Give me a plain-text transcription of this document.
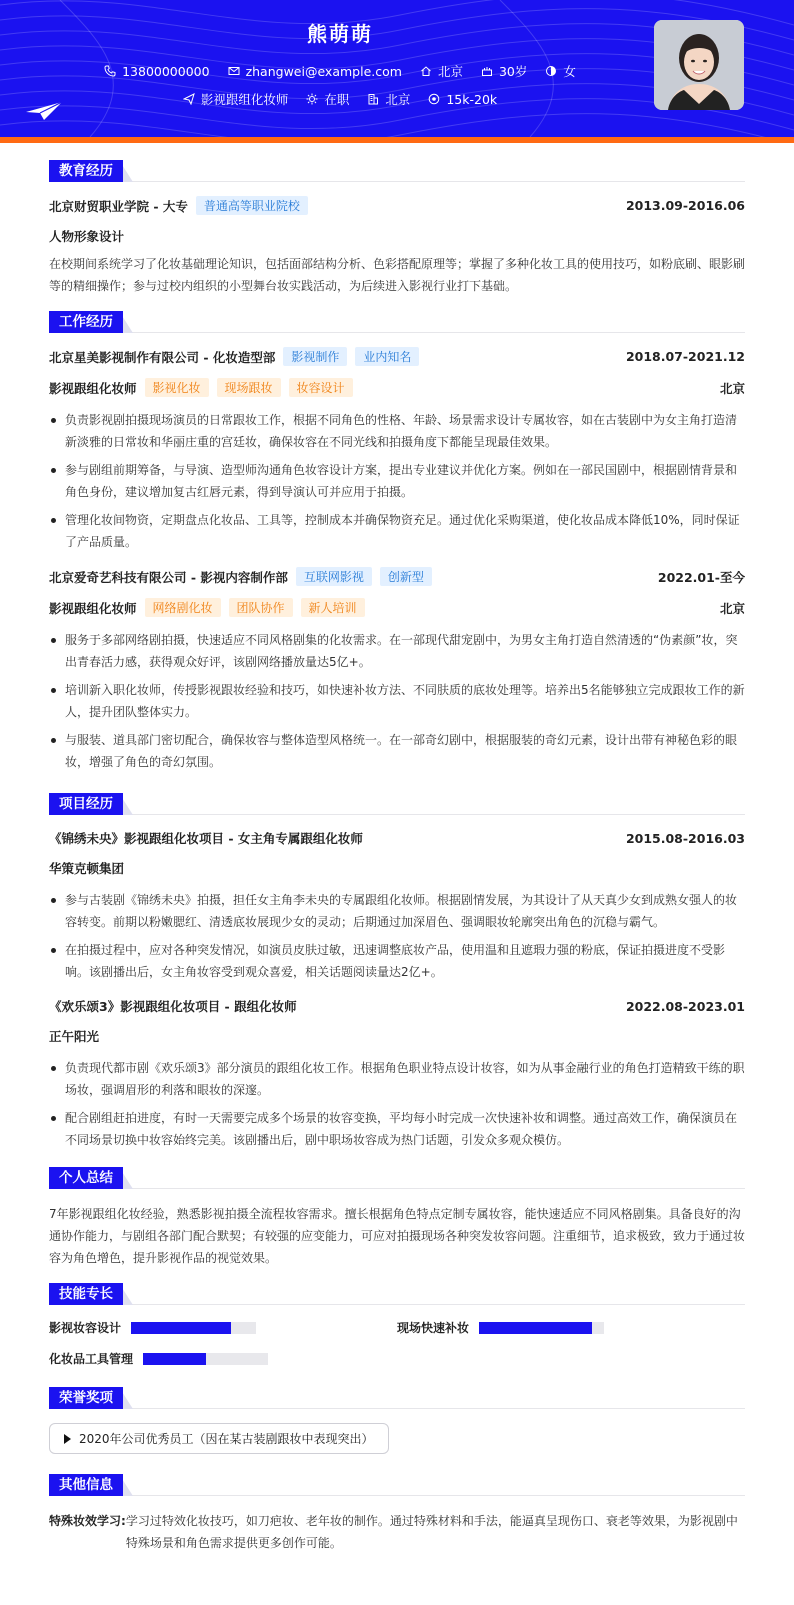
熊萌萌
13800000000	zhangwei@example.com	北京	30岁	女
影视跟组化妆师	在职	北京	15k-20k
教育经历
北京财贸职业学院 - 大专	普通高等职业院校	2013.09-2016.06
人物形象设计
在校期间系统学习了化妆基础理论知识，包括面部结构分析、色彩搭配原理等；掌握了多种化妆工具的使用技巧，如粉底刷、眼影刷等的精细操作；参与过校内组织的小型舞台妆实践活动，为后续进入影视行业打下基础。
工作经历
北京星美影视制作有限公司 - 化妆造型部	影视制作	业内知名	2018.07-2021.12
影视跟组化妆师	影视化妆	现场跟妆	妆容设计	北京
负责影视剧拍摄现场演员的日常跟妆工作，根据不同角色的性格、年龄、场景需求设计专属妆容，如在古装剧中为女主角打造清新淡雅的日常妆和华丽庄重的宫廷妆，确保妆容在不同光线和拍摄角度下都能呈现最佳效果。
参与剧组前期筹备，与导演、造型师沟通角色妆容设计方案，提出专业建议并优化方案。例如在一部民国剧中，根据剧情背景和角色身份，建议增加复古红唇元素，得到导演认可并应用于拍摄。
管理化妆间物资，定期盘点化妆品、工具等，控制成本并确保物资充足。通过优化采购渠道，使化妆品成本降低10%，同时保证了产品质量。
北京爱奇艺科技有限公司 - 影视内容制作部	互联网影视	创新型	2022.01-至今
影视跟组化妆师	网络剧化妆	团队协作	新人培训	北京
服务于多部网络剧拍摄，快速适应不同风格剧集的化妆需求。在一部现代甜宠剧中，为男女主角打造自然清透的“伪素颜”妆，突出青春活力感，获得观众好评，该剧网络播放量达5亿+。
培训新入职化妆师，传授影视跟妆经验和技巧，如快速补妆方法、不同肤质的底妆处理等。培养出5名能够独立完成跟妆工作的新人，提升团队整体实力。
与服装、道具部门密切配合，确保妆容与整体造型风格统一。在一部奇幻剧中，根据服装的奇幻元素，设计出带有神秘色彩的眼妆，增强了角色的奇幻氛围。
项目经历
《锦绣未央》影视跟组化妆项目 - 女主角专属跟组化妆师	2015.08-2016.03
华策克顿集团
参与古装剧《锦绣未央》拍摄，担任女主角李未央的专属跟组化妆师。根据剧情发展，为其设计了从天真少女到成熟女强人的妆容转变。前期以粉嫩腮红、清透底妆展现少女的灵动；后期通过加深眉色、强调眼妆轮廓突出角色的沉稳与霸气。
在拍摄过程中，应对各种突发情况，如演员皮肤过敏，迅速调整底妆产品，使用温和且遮瑕力强的粉底，保证拍摄进度不受影响。该剧播出后，女主角妆容受到观众喜爱，相关话题阅读量达2亿+。
《欢乐颂3》影视跟组化妆项目 - 跟组化妆师	2022.08-2023.01
正午阳光
负责现代都市剧《欢乐颂3》部分演员的跟组化妆工作。根据角色职业特点设计妆容，如为从事金融行业的角色打造精致干练的职场妆，强调眉形的利落和眼妆的深邃。
配合剧组赶拍进度，有时一天需要完成多个场景的妆容变换，平均每小时完成一次快速补妆和调整。通过高效工作，确保演员在不同场景切换中妆容始终完美。该剧播出后，剧中职场妆容成为热门话题，引发众多观众模仿。
个人总结
7年影视跟组化妆经验，熟悉影视拍摄全流程妆容需求。擅长根据角色特点定制专属妆容，能快速适应不同风格剧集。具备良好的沟通协作能力，与剧组各部门配合默契；有较强的应变能力，可应对拍摄现场各种突发妆容问题。注重细节，追求极致，致力于通过妆容为角色增色，提升影视作品的视觉效果。
技能专长
影视妆容设计	现场快速补妆
化妆品工具管理
荣誉奖项
2020年公司优秀员工（因在某古装剧跟妆中表现突出）
其他信息
特殊妆效学习: 学习过特效化妆技巧，如刀疤妆、老年妆的制作。通过特殊材料和手法，能逼真呈现伤口、衰老等效果，为影视剧中特殊场景和角色需求提供更多创作可能。
